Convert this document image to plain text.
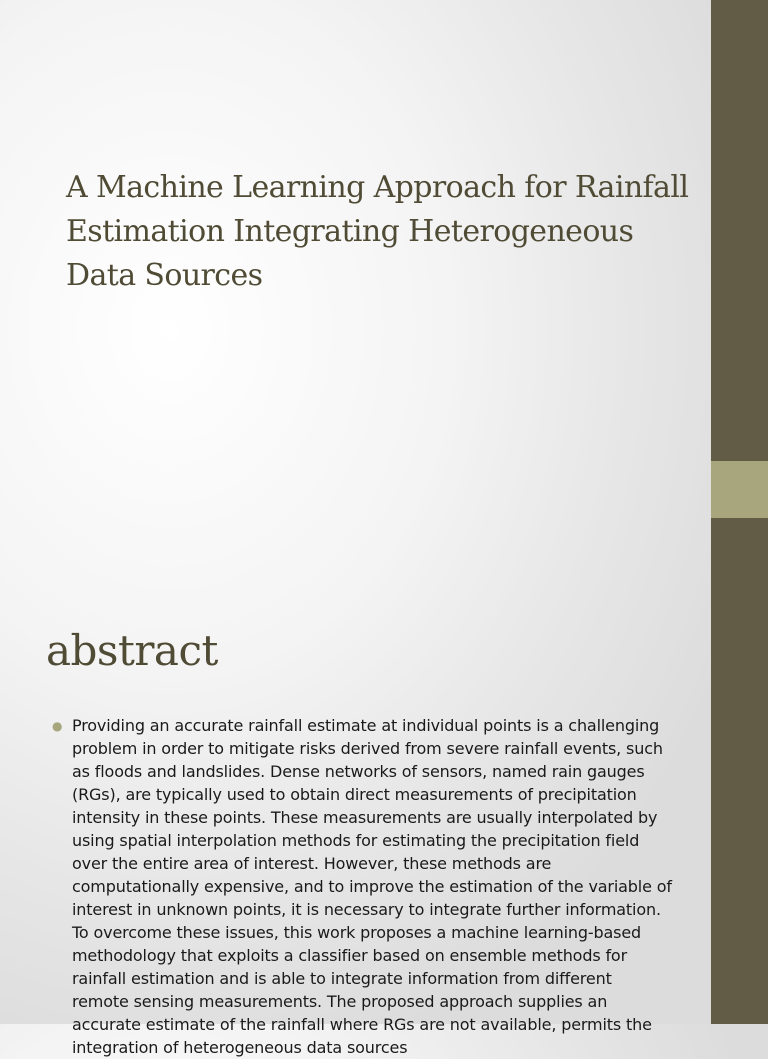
A Machine Learning Approach for Rainfall Estimation Integrating Heterogeneous Data Sources
abstract
● Providing an accurate rainfall estimate at individual points is a challenging problem in order to mitigate risks derived from severe rainfall events, such as floods and landslides. Dense networks of sensors, named rain gauges (RGs), are typically used to obtain direct measurements of precipitation intensity in these points. These measurements are usually interpolated by using spatial interpolation methods for estimating the precipitation field over the entire area of interest. However, these methods are computationally expensive, and to improve the estimation of the variable of interest in unknown points, it is necessary to integrate further information. To overcome these issues, this work proposes a machine learning-based methodology that exploits a classifier based on ensemble methods for rainfall estimation and is able to integrate information from different remote sensing measurements. The proposed approach supplies an accurate estimate of the rainfall where RGs are not available, permits the integration of heterogeneous data sources
